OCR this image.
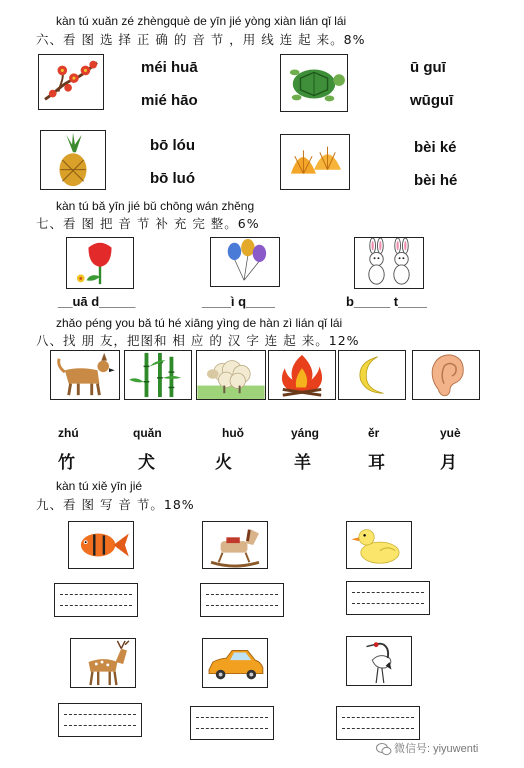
kàn tú xuǎn zé zhèngquè de yīn jié yòng xiàn lián qǐ lái
六、看 图 选 择 正 确 的 音 节 ，用 线 连 起 来。8%
méi huā
mié hāo
ū guī
wūguī
bō lóu
bō luó
bèi ké
bèi hé
kàn tú bǎ yīn jié bǔ chōng wán zhěng
七、看 图 把 音 节 补 充 完 整。6%
__uā d_____	____ì q____	b_____ t____
zhǎo péng you bǎ tú hé xiāng yìng de hàn zì lián qǐ lái
八、找 朋 友，把图和 相 应 的 汉 字 连 起 来。12%
zhú	quǎn	huǒ	yáng	ěr	yuè
竹	犬	火	羊	耳	月
kàn tú xiě yīn jié
九、看 图 写 音 节。18%
微信号: yiyuwenti
